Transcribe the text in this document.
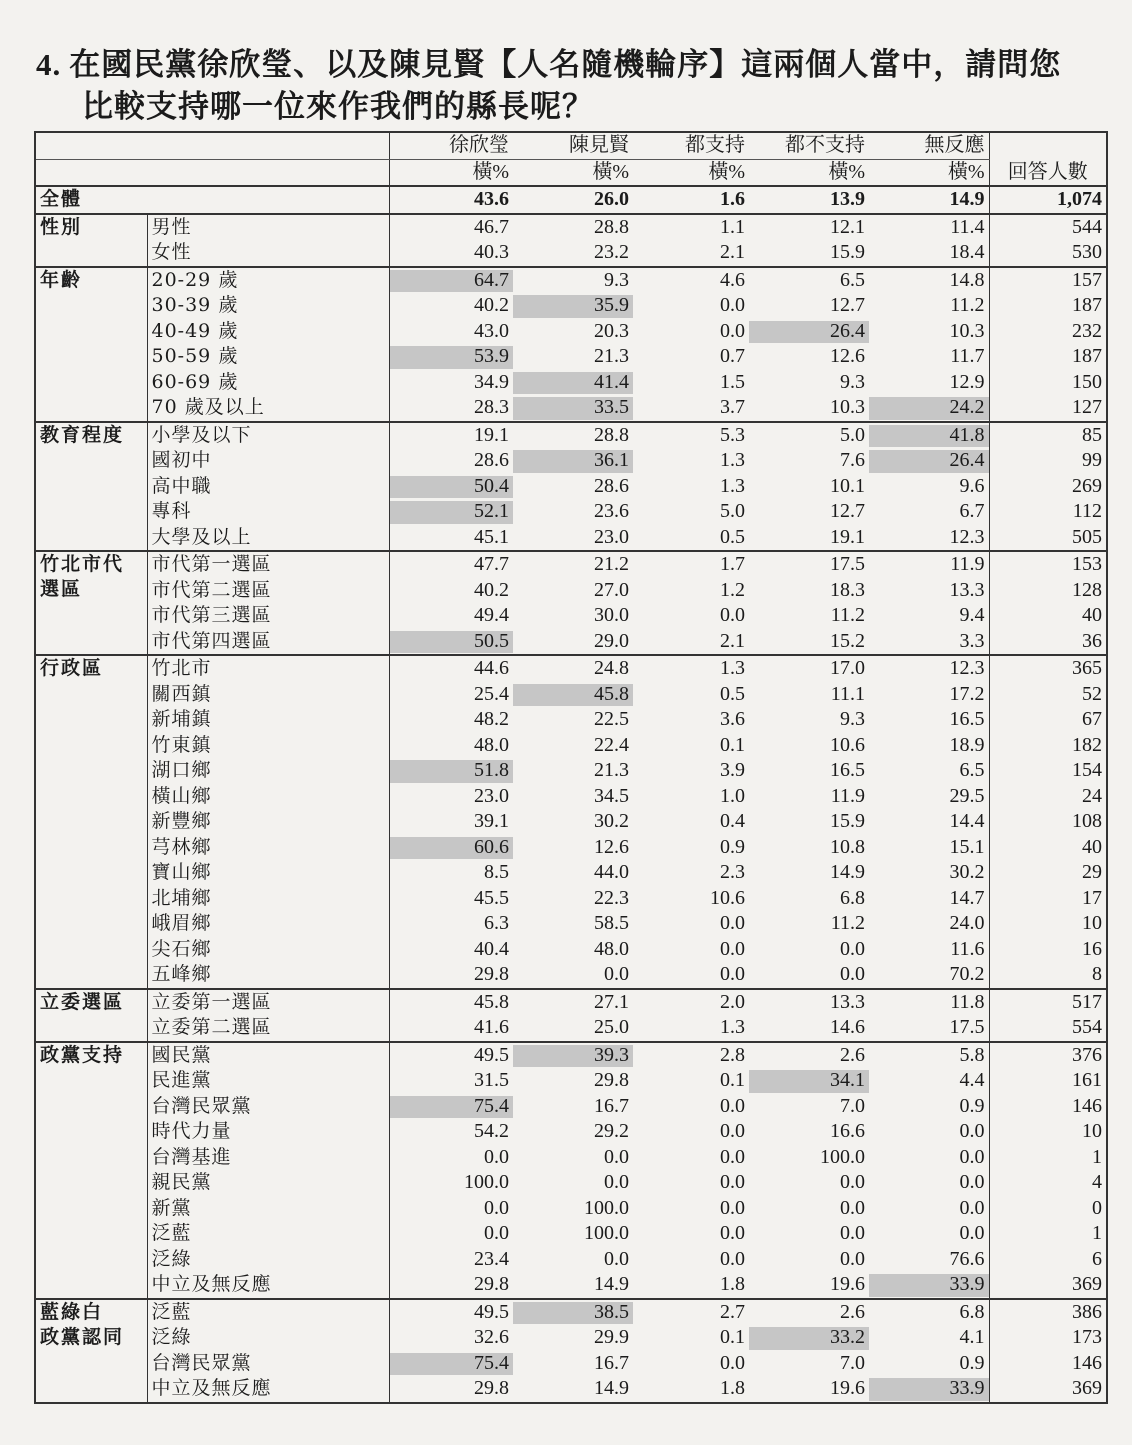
4. 在國民黨徐欣瑩、以及陳見賢【人名隨機輪序】這兩個人當中，請問您
比較支持哪一位來作我們的縣長呢？
		徐欣瑩	陳見賢	都支持	都不支持	無反應	回答人數
		橫%	橫%	橫%	橫%	橫%	
全體		43.6	26.0	1.6	13.9	14.9	1,074
性別	男性	46.7	28.8	1.1	12.1	11.4	544
	女性	40.3	23.2	2.1	15.9	18.4	530
年齡	20-29 歲	64.7	9.3	4.6	6.5	14.8	157
	30-39 歲	40.2	35.9	0.0	12.7	11.2	187
	40-49 歲	43.0	20.3	0.0	26.4	10.3	232
	50-59 歲	53.9	21.3	0.7	12.6	11.7	187
	60-69 歲	34.9	41.4	1.5	9.3	12.9	150
	70 歲及以上	28.3	33.5	3.7	10.3	24.2	127
教育程度	小學及以下	19.1	28.8	5.3	5.0	41.8	85
	國初中	28.6	36.1	1.3	7.6	26.4	99
	高中職	50.4	28.6	1.3	10.1	9.6	269
	專科	52.1	23.6	5.0	12.7	6.7	112
	大學及以上	45.1	23.0	0.5	19.1	12.3	505

竹北市代
選區	市代第一選區	47.7	21.2	1.7	17.5	11.9	153
	市代第二選區	40.2	27.0	1.2	18.3	13.3	128
	市代第三選區	49.4	30.0	0.0	11.2	9.4	40
	市代第四選區	50.5	29.0	2.1	15.2	3.3	36
行政區	竹北市	44.6	24.8	1.3	17.0	12.3	365
	關西鎮	25.4	45.8	0.5	11.1	17.2	52
	新埔鎮	48.2	22.5	3.6	9.3	16.5	67
	竹東鎮	48.0	22.4	0.1	10.6	18.9	182
	湖口鄉	51.8	21.3	3.9	16.5	6.5	154
	橫山鄉	23.0	34.5	1.0	11.9	29.5	24
	新豐鄉	39.1	30.2	0.4	15.9	14.4	108
	芎林鄉	60.6	12.6	0.9	10.8	15.1	40
	寶山鄉	8.5	44.0	2.3	14.9	30.2	29
	北埔鄉	45.5	22.3	10.6	6.8	14.7	17
	峨眉鄉	6.3	58.5	0.0	11.2	24.0	10
	尖石鄉	40.4	48.0	0.0	0.0	11.6	16
	五峰鄉	29.8	0.0	0.0	0.0	70.2	8
立委選區	立委第一選區	45.8	27.1	2.0	13.3	11.8	517
	立委第二選區	41.6	25.0	1.3	14.6	17.5	554
政黨支持	國民黨	49.5	39.3	2.8	2.6	5.8	376
	民進黨	31.5	29.8	0.1	34.1	4.4	161
	台灣民眾黨	75.4	16.7	0.0	7.0	0.9	146
	時代力量	54.2	29.2	0.0	16.6	0.0	10
	台灣基進	0.0	0.0	0.0	100.0	0.0	1
	親民黨	100.0	0.0	0.0	0.0	0.0	4
	新黨	0.0	100.0	0.0	0.0	0.0	0
	泛藍	0.0	100.0	0.0	0.0	0.0	1
	泛綠	23.4	0.0	0.0	0.0	76.6	6
	中立及無反應	29.8	14.9	1.8	19.6	33.9	369

藍綠白
政黨認同	泛藍	49.5	38.5	2.7	2.6	6.8	386
	泛綠	32.6	29.9	0.1	33.2	4.1	173
	台灣民眾黨	75.4	16.7	0.0	7.0	0.9	146
	中立及無反應	29.8	14.9	1.8	19.6	33.9	369
